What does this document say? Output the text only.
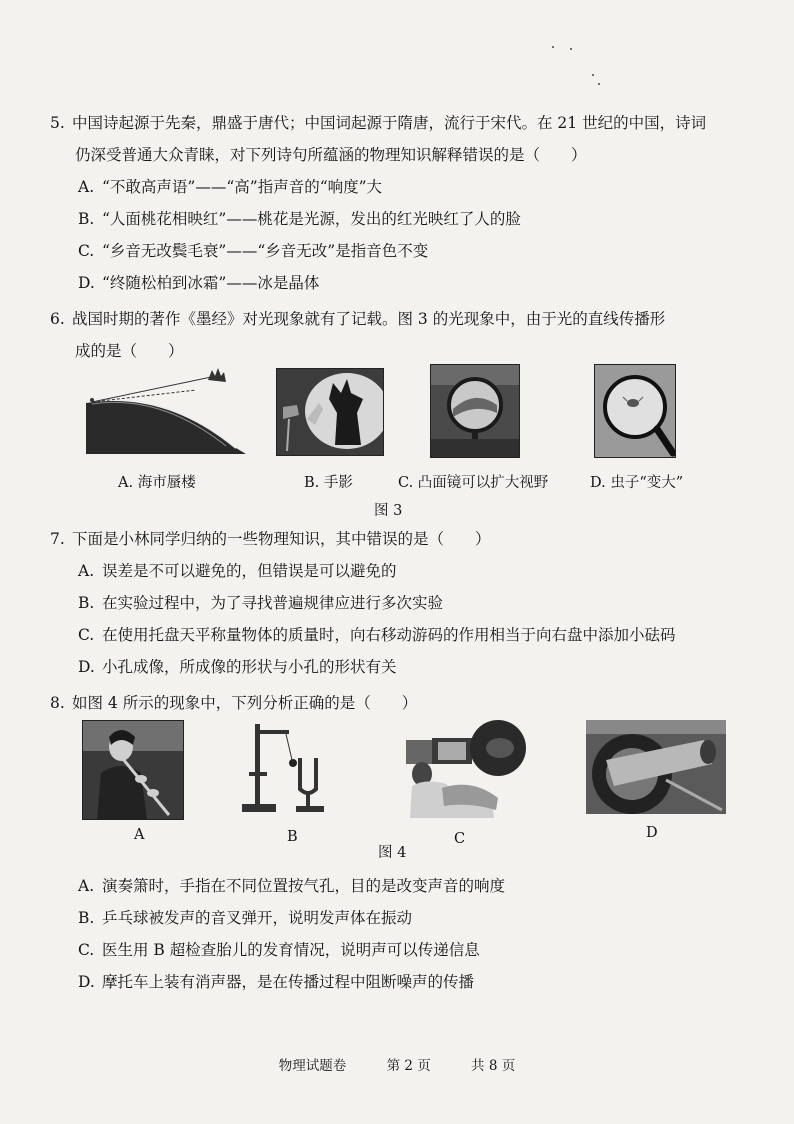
5. 中国诗起源于先秦，鼎盛于唐代；中国词起源于隋唐，流行于宋代。在 21 世纪的中国，诗词
仍深受普通大众青睐，对下列诗句所蕴涵的物理知识解释错误的是（　　）
A. “不敢高声语”——“高”指声音的“响度”大
B. “人面桃花相映红”——桃花是光源，发出的红光映红了人的脸
C. “乡音无改鬓毛衰”——“乡音无改”是指音色不变
D. “终随松柏到冰霜”——冰是晶体
6. 战国时期的著作《墨经》对光现象就有了记载。图 3 的光现象中，由于光的直线传播形
成的是（　　）
A. 海市蜃楼	B. 手影	C. 凸面镜可以扩大视野	D. 虫子“变大”
图 3
7. 下面是小林同学归纳的一些物理知识，其中错误的是（　　）
A. 误差是不可以避免的，但错误是可以避免的
B. 在实验过程中，为了寻找普遍规律应进行多次实验
C. 在使用托盘天平称量物体的质量时，向右移动游码的作用相当于向右盘中添加小砝码
D. 小孔成像，所成像的形状与小孔的形状有关
8. 如图 4 所示的现象中，下列分析正确的是（　　）
A	B	C	D
图 4
A. 演奏箫时，手指在不同位置按气孔，目的是改变声音的响度
B. 乒乓球被发声的音叉弹开，说明发声体在振动
C. 医生用 B 超检查胎儿的发育情况，说明声可以传递信息
D. 摩托车上装有消声器，是在传播过程中阻断噪声的传播
物理试题卷	第 2 页	共 8 页
